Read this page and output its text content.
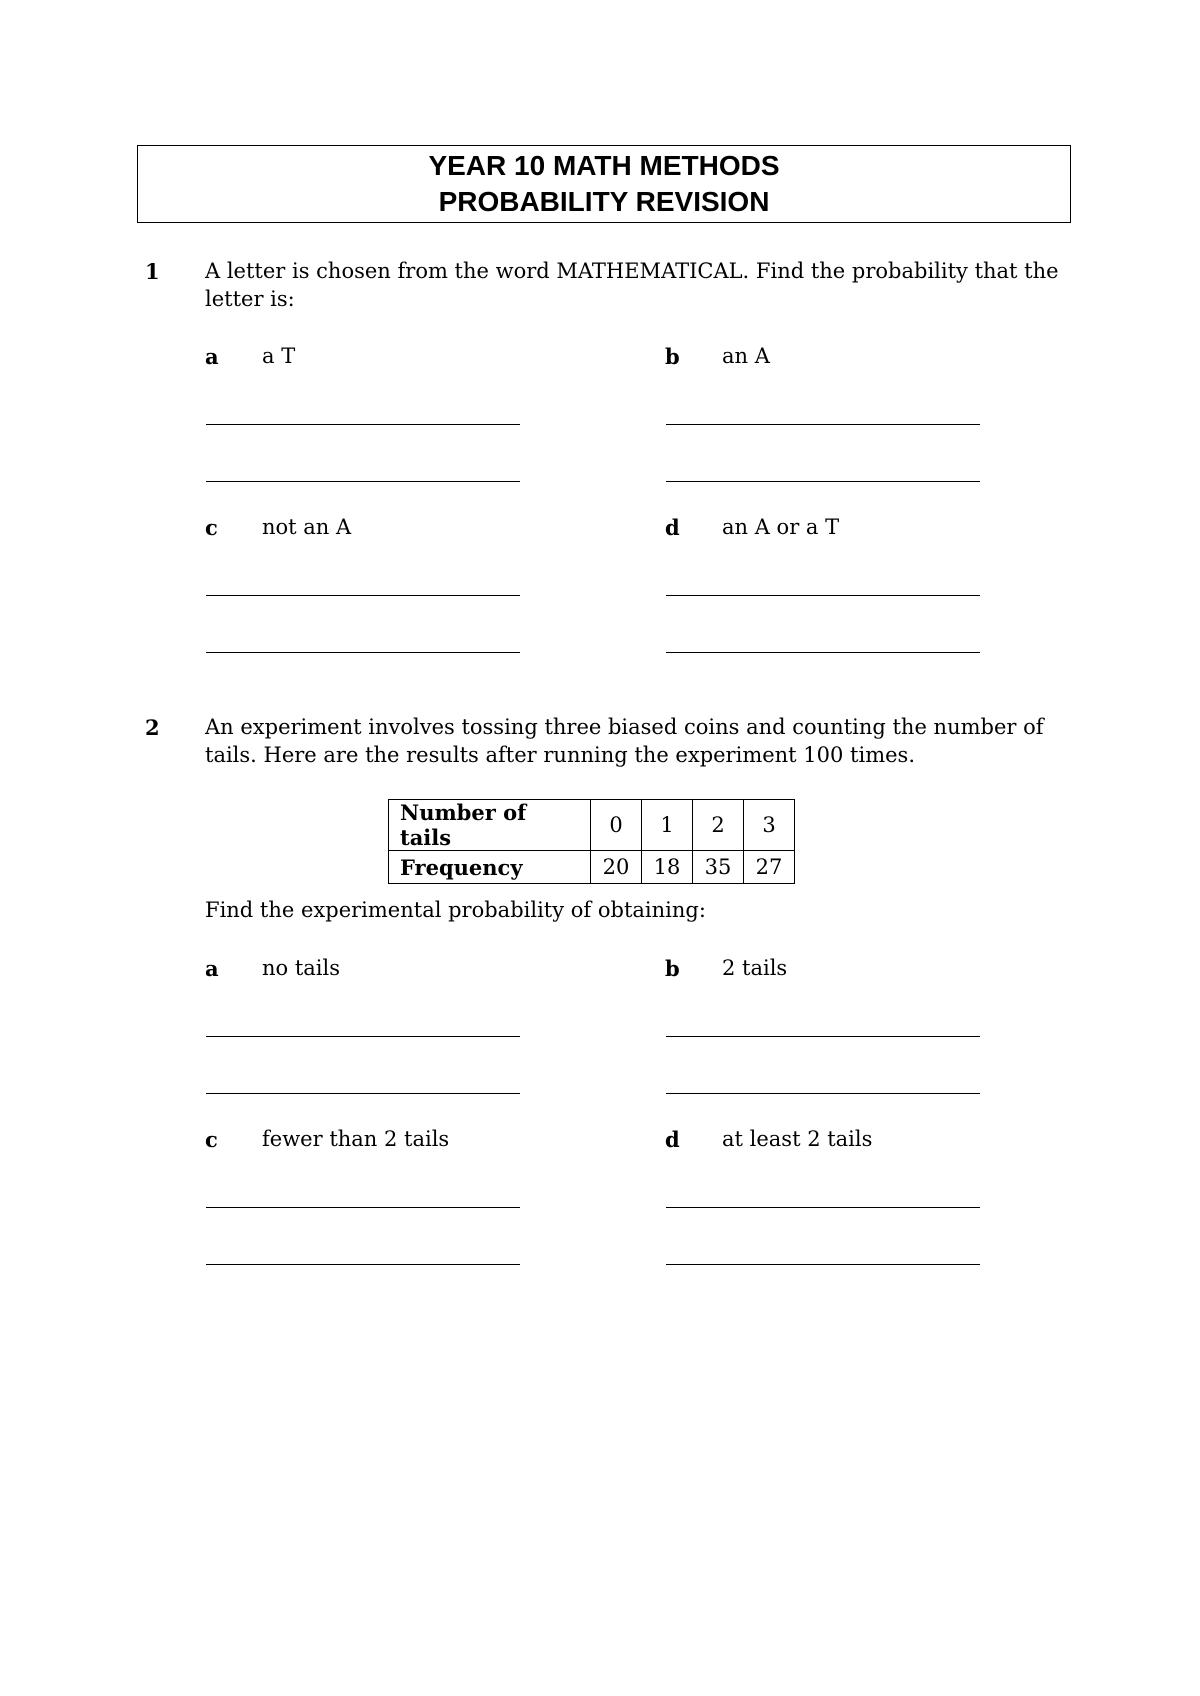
YEAR 10 MATH METHODS
PROBABILITY REVISION
1 A letter is chosen from the word MATHEMATICAL. Find the probability that the
letter is:
a a T	b an A
c not an A	d an A or a T
2 An experiment involves tossing three biased coins and counting the number of
tails. Here are the results after running the experiment 100 times.
Number of tails	0	1	2	3
Frequency	20	18	35	27
Find the experimental probability of obtaining:
a no tails	b 2 tails
c fewer than 2 tails	d at least 2 tails
